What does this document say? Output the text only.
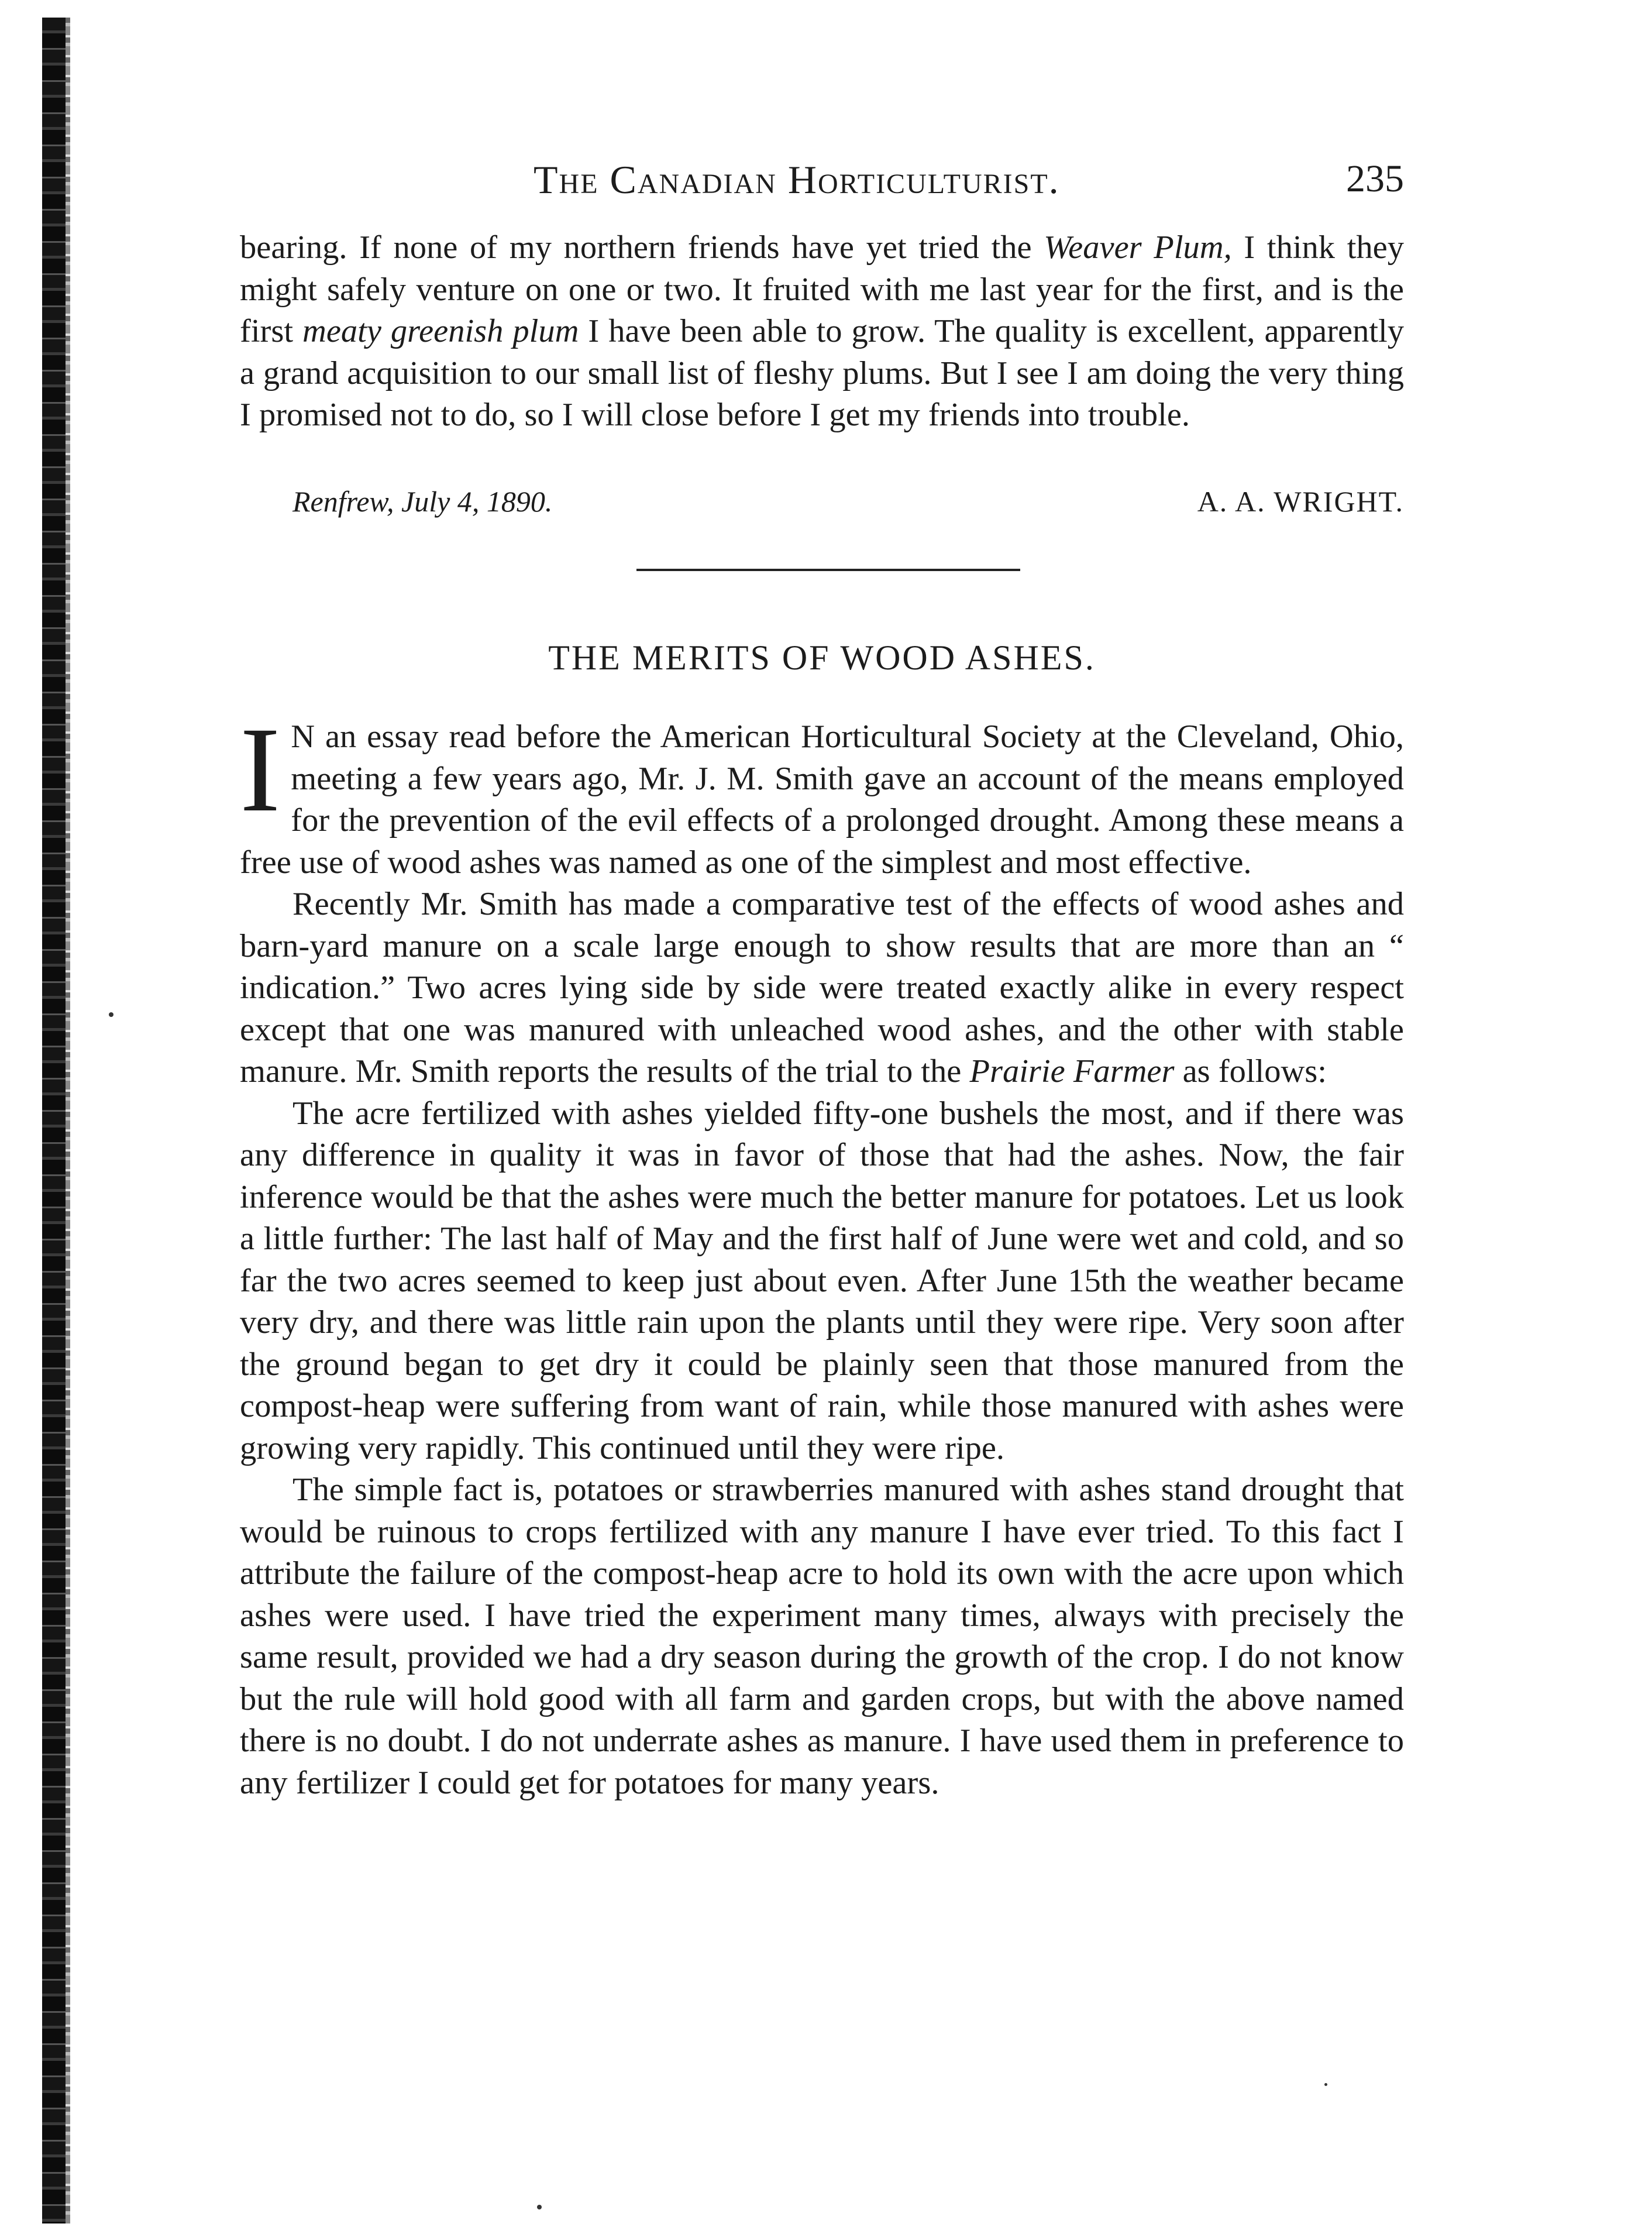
The Canadian Horticulturist.	235

bearing. If none of my northern friends have yet tried the Weaver Plum, I think they might safely venture on one or two. It fruited with me last year for the first, and is the first meaty greenish plum I have been able to grow. The quality is excellent, apparently a grand acquisition to our small list of fleshy plums. But I see I am doing the very thing I promised not to do, so I will close before I get my friends into trouble.

Renfrew, July 4, 1890.	A. A. WRIGHT.
THE MERITS OF WOOD ASHES.

I N an essay read before the American Horticultural Society at the Cleveland, Ohio, meeting a few years ago, Mr. J. M. Smith gave an account of the means employed for the prevention of the evil effects of a prolonged drought. Among these means a free use of wood ashes was named as one of the simplest and most effective.

Recently Mr. Smith has made a comparative test of the effects of wood ashes and barn-yard manure on a scale large enough to show results that are more than an “ indication.” Two acres lying side by side were treated exactly alike in every respect except that one was manured with unleached wood ashes, and the other with stable manure. Mr. Smith reports the results of the trial to the Prairie Farmer as follows:

The acre fertilized with ashes yielded fifty-one bushels the most, and if there was any difference in quality it was in favor of those that had the ashes. Now, the fair inference would be that the ashes were much the better manure for potatoes. Let us look a little further: The last half of May and the first half of June were wet and cold, and so far the two acres seemed to keep just about even. After June 15th the weather became very dry, and there was little rain upon the plants until they were ripe. Very soon after the ground began to get dry it could be plainly seen that those manured from the compost-heap were suffering from want of rain, while those manured with ashes were growing very rapidly. This continued until they were ripe.

The simple fact is, potatoes or strawberries manured with ashes stand drought that would be ruinous to crops fertilized with any manure I have ever tried. To this fact I attribute the failure of the compost-heap acre to hold its own with the acre upon which ashes were used. I have tried the experiment many times, always with precisely the same result, provided we had a dry season during the growth of the crop. I do not know but the rule will hold good with all farm and garden crops, but with the above named there is no doubt. I do not underrate ashes as manure. I have used them in preference to any fertilizer I could get for potatoes for many years.
